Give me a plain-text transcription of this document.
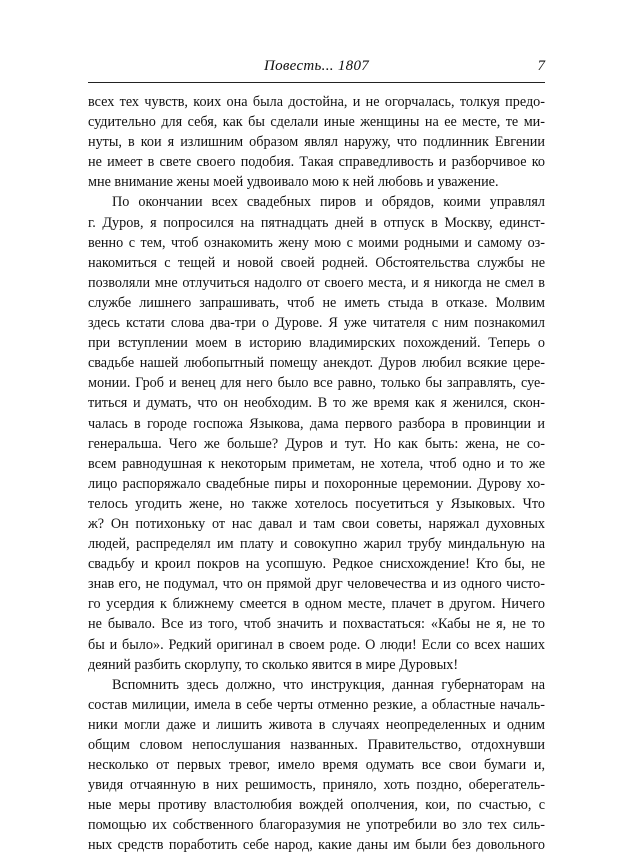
Повесть... 1807	7
всех тех чувств, коих она была достойна, и не огорчалась, толкуя предо-
судительно для себя, как бы сделали иные женщины на ее месте, те ми-
нуты, в кои я излишним образом являл наружу, что подлинник Евгении
не имеет в свете своего подобия. Такая справедливость и разборчивое ко
мне внимание жены моей удвоивало мою к ней любовь и уважение.
По окончании всех свадебных пиров и обрядов, коими управлял
г. Дуров, я попросился на пятнадцать дней в отпуск в Москву, единст-
венно с тем, чтоб ознакомить жену мою с моими родными и самому оз-
накомиться с тещей и новой своей родней. Обстоятельства службы не
позволяли мне отлучиться надолго от своего места, и я никогда не смел в
службе лишнего запрашивать, чтоб не иметь стыда в отказе. Молвим
здесь кстати слова два-три о Дурове. Я уже читателя с ним познакомил
при вступлении моем в историю владимирских похождений. Теперь о
свадьбе нашей любопытный помещу анекдот. Дуров любил всякие цере-
монии. Гроб и венец для него было все равно, только бы заправлять, суе-
титься и думать, что он необходим. В то же время как я женился, скон-
чалась в городе госпожа Языкова, дама первого разбора в провинции и
генеральша. Чего же больше? Дуров и тут. Но как быть: жена, не со-
всем равнодушная к некоторым приметам, не хотела, чтоб одно и то же
лицо распоряжало свадебные пиры и похоронные церемонии. Дурову хо-
телось угодить жене, но также хотелось посуетиться у Языковых. Что
ж? Он потихоньку от нас давал и там свои советы, наряжал духовных
людей, распределял им плату и совокупно жарил трубу миндальную на
свадьбу и кроил покров на усопшую. Редкое снисхождение! Кто бы, не
знав его, не подумал, что он прямой друг человечества и из одного чисто-
го усердия к ближнему смеется в одном месте, плачет в другом. Ничего
не бывало. Все из того, чтоб значить и похвастаться: «Кабы не я, не то
бы и было». Редкий оригинал в своем роде. О люди! Если со всех наших
деяний разбить скорлупу, то сколько явится в мире Дуровых!
Вспомнить здесь должно, что инструкция, данная губернаторам на
состав милиции, имела в себе черты отменно резкие, а областные началь-
ники могли даже и лишить живота в случаях неопределенных и одним
общим словом непослушания названных. Правительство, отдохнувши
несколько от первых тревог, имело время одумать все свои бумаги и,
увидя отчаянную в них решимость, приняло, хоть поздно, оберегатель-
ные меры противу властолюбия вождей ополчения, кои, по счастью, с
помощью их собственного благоразумия не употребили во зло тех силь-
ных средств поработить себе народ, какие даны им были без довольного
